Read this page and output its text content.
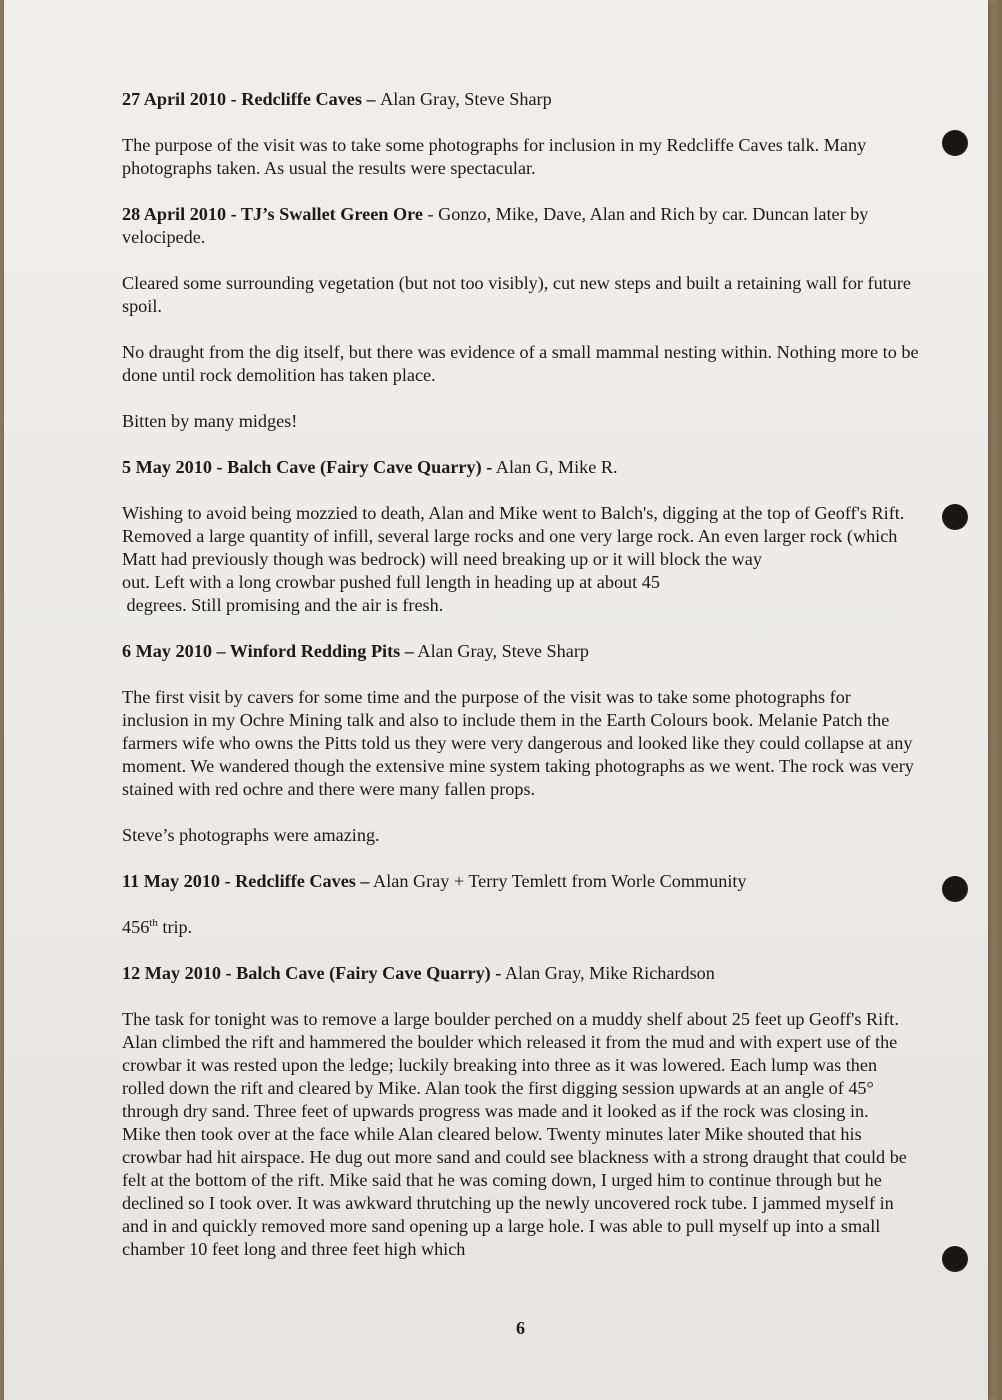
27 April 2010 - Redcliffe Caves – Alan Gray, Steve Sharp

The purpose of the visit was to take some photographs for inclusion in my Redcliffe Caves talk. Many photographs taken. As usual the results were spectacular.

28 April 2010 - TJ’s Swallet Green Ore - Gonzo, Mike, Dave, Alan and Rich by car. Duncan later by velocipede.

Cleared some surrounding vegetation (but not too visibly), cut new steps and built a retaining wall for future spoil.

No draught from the dig itself, but there was evidence of a small mammal nesting within. Nothing more to be done until rock demolition has taken place.

Bitten by many midges!

5 May 2010 - Balch Cave (Fairy Cave Quarry) - Alan G, Mike R.

Wishing to avoid being mozzied to death, Alan and Mike went to Balch's, digging at the top of Geoff's Rift. Removed a large quantity of infill, several large rocks and one very large rock. An even larger rock (which Matt had previously though was bedrock) will need breaking up or it will block the way

out. Left with a long crowbar pushed full length in heading up at about 45

degrees. Still promising and the air is fresh.

6 May 2010 – Winford Redding Pits – Alan Gray, Steve Sharp

The first visit by cavers for some time and the purpose of the visit was to take some photographs for inclusion in my Ochre Mining talk and also to include them in the Earth Colours book. Melanie Patch the farmers wife who owns the Pitts told us they were very dangerous and looked like they could collapse at any moment. We wandered though the extensive mine system taking photographs as we went. The rock was very stained with red ochre and there were many fallen props.

Steve’s photographs were amazing.

11 May 2010 - Redcliffe Caves – Alan Gray + Terry Temlett from Worle Community

456th trip.

12 May 2010 - Balch Cave (Fairy Cave Quarry) - Alan Gray, Mike Richardson

The task for tonight was to remove a large boulder perched on a muddy shelf about 25 feet up Geoff's Rift. Alan climbed the rift and hammered the boulder which released it from the mud and with expert use of the crowbar it was rested upon the ledge; luckily breaking into three as it was lowered. Each lump was then rolled down the rift and cleared by Mike. Alan took the first digging session upwards at an angle of 45° through dry sand. Three feet of upwards progress was made and it looked as if the rock was closing in.

Mike then took over at the face while Alan cleared below. Twenty minutes later Mike shouted that his crowbar had hit airspace. He dug out more sand and could see blackness with a strong draught that could be felt at the bottom of the rift. Mike said that he was coming down, I urged him to continue through but he declined so I took over. It was awkward thrutching up the newly uncovered rock tube. I jammed myself in and in and quickly removed more sand opening up a large hole. I was able to pull myself up into a small chamber 10 feet long and three feet high which

6
